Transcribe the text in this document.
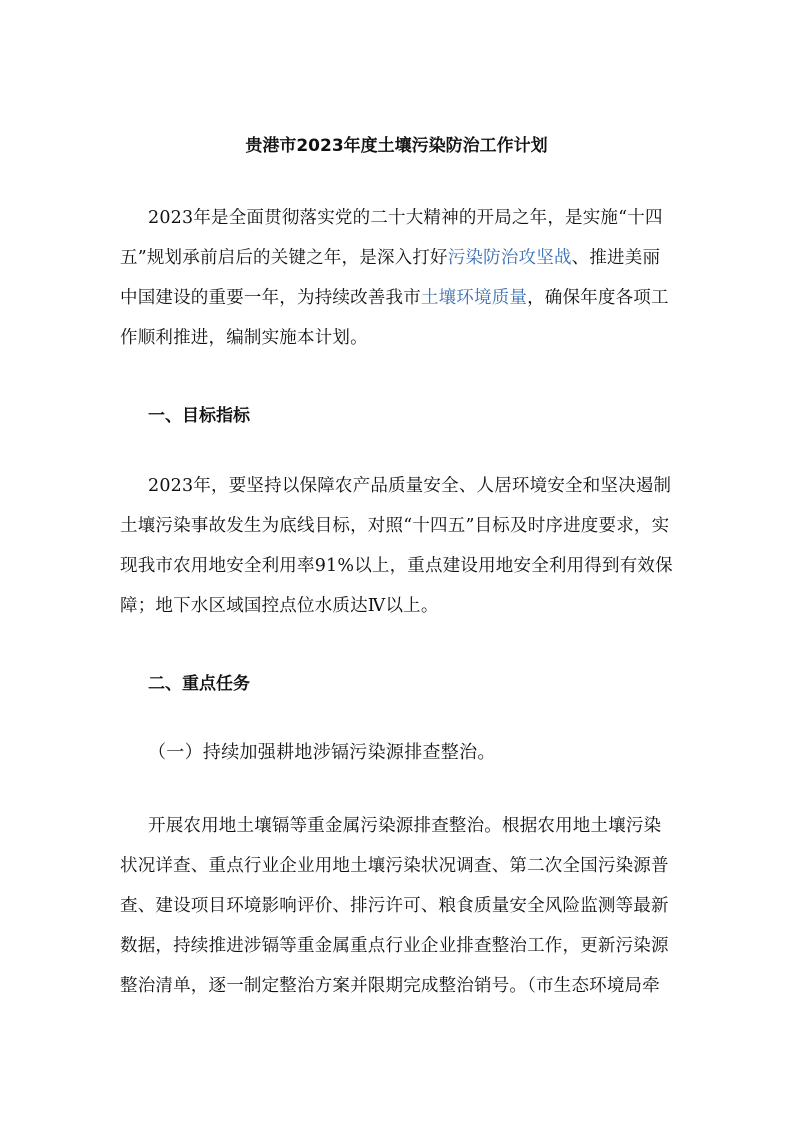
贵港市2023年度土壤污染防治工作计划
2023年是全面贯彻落实党的二十大精神的开局之年，是实施“十四
五”规划承前启后的关键之年，是深入打好污染防治攻坚战、推进美丽
中国建设的重要一年，为持续改善我市土壤环境质量，确保年度各项工
作顺利推进，编制实施本计划。
一、目标指标
2023年，要坚持以保障农产品质量安全、人居环境安全和坚决遏制
土壤污染事故发生为底线目标，对照“十四五”目标及时序进度要求，实
现我市农用地安全利用率91%以上，重点建设用地安全利用得到有效保
障；地下水区域国控点位水质达Ⅳ以上。
二、重点任务

（一）持续加强耕地涉镉污染源排查整治。

开展农用地土壤镉等重金属污染源排查整治。根据农用地土壤污染
状况详查、重点行业企业用地土壤污染状况调查、第二次全国污染源普
查、建设项目环境影响评价、排污许可、粮食质量安全风险监测等最新
数据，持续推进涉镉等重金属重点行业企业排查整治工作，更新污染源
整治清单，逐一制定整治方案并限期完成整治销号。（市生态环境局牵
